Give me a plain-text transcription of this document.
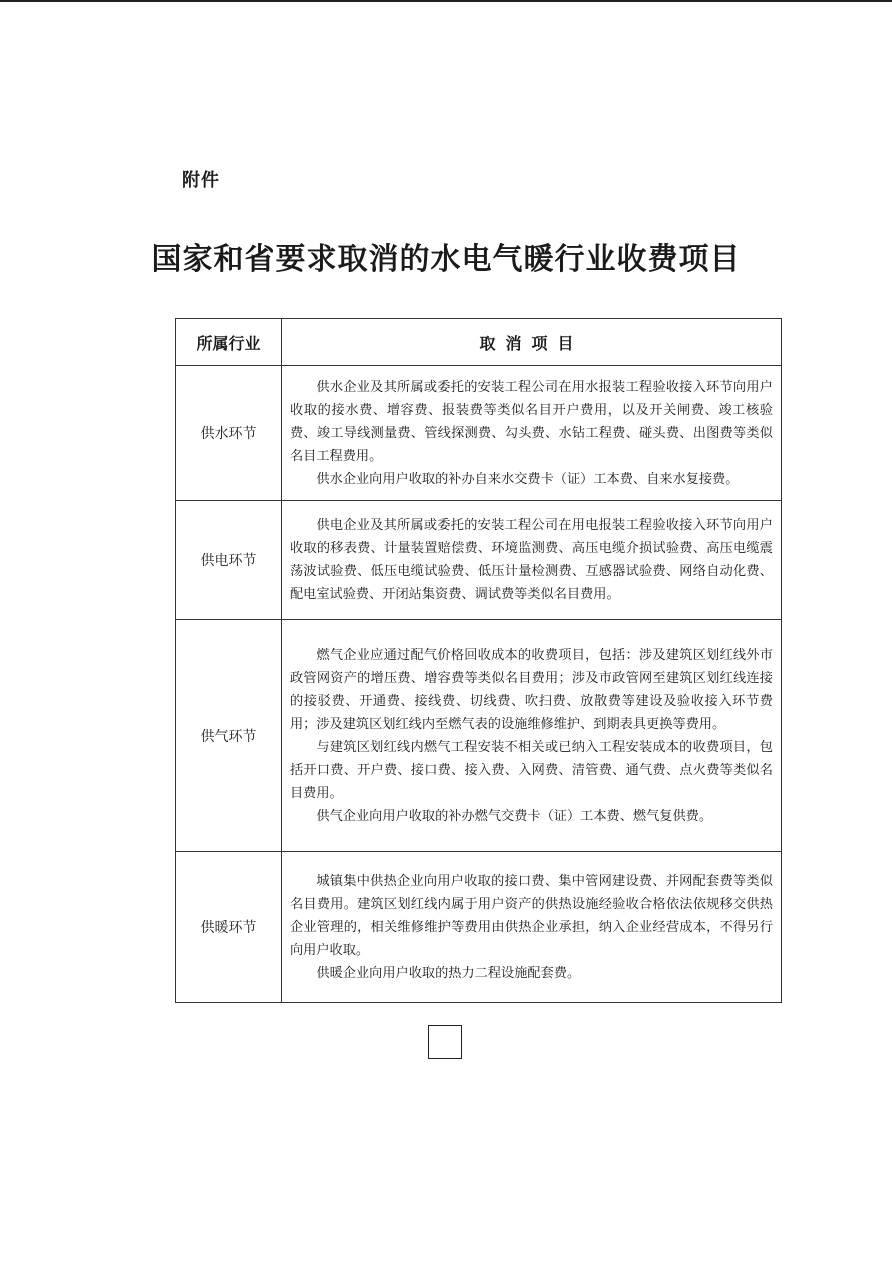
附件
国家和省要求取消的水电气暖行业收费项目
所属行业	取消项目
供水环节	供水企业及其所属或委托的安装工程公司在用水报装工程验收接入环节向用户收取的接水费、增容费、报装费等类似名目开户费用，以及开关闸费、竣工核验费、竣工导线测量费、管线探测费、勾头费、水钻工程费、碰头费、出图费等类似名目工程费用。

供水企业向用户收取的补办自来水交费卡（证）工本费、自来水复接费。

供电环节	供电企业及其所属或委托的安装工程公司在用电报装工程验收接入环节向用户收取的移表费、计量装置赔偿费、环境监测费、高压电缆介损试验费、高压电缆震荡波试验费、低压电缆试验费、低压计量检测费、互感器试验费、网络自动化费、配电室试验费、开闭站集资费、调试费等类似名目费用。

供气环节	燃气企业应通过配气价格回收成本的收费项目，包括：涉及建筑区划红线外市政管网资产的增压费、增容费等类似名目费用；涉及市政管网至建筑区划红线连接的接驳费、开通费、接线费、切线费、吹扫费、放散费等建设及验收接入环节费用；涉及建筑区划红线内至燃气表的设施维修维护、到期表具更换等费用。

与建筑区划红线内燃气工程安装不相关或已纳入工程安装成本的收费项目，包括开口费、开户费、接口费、接入费、入网费、清管费、通气费、点火费等类似名目费用。

供气企业向用户收取的补办燃气交费卡（证）工本费、燃气复供费。

供暖环节	城镇集中供热企业向用户收取的接口费、集中管网建设费、并网配套费等类似名目费用。建筑区划红线内属于用户资产的供热设施经验收合格依法依规移交供热企业管理的，相关维修维护等费用由供热企业承担，纳入企业经营成本，不得另行向用户收取。

供暖企业向用户收取的热力二程设施配套费。
